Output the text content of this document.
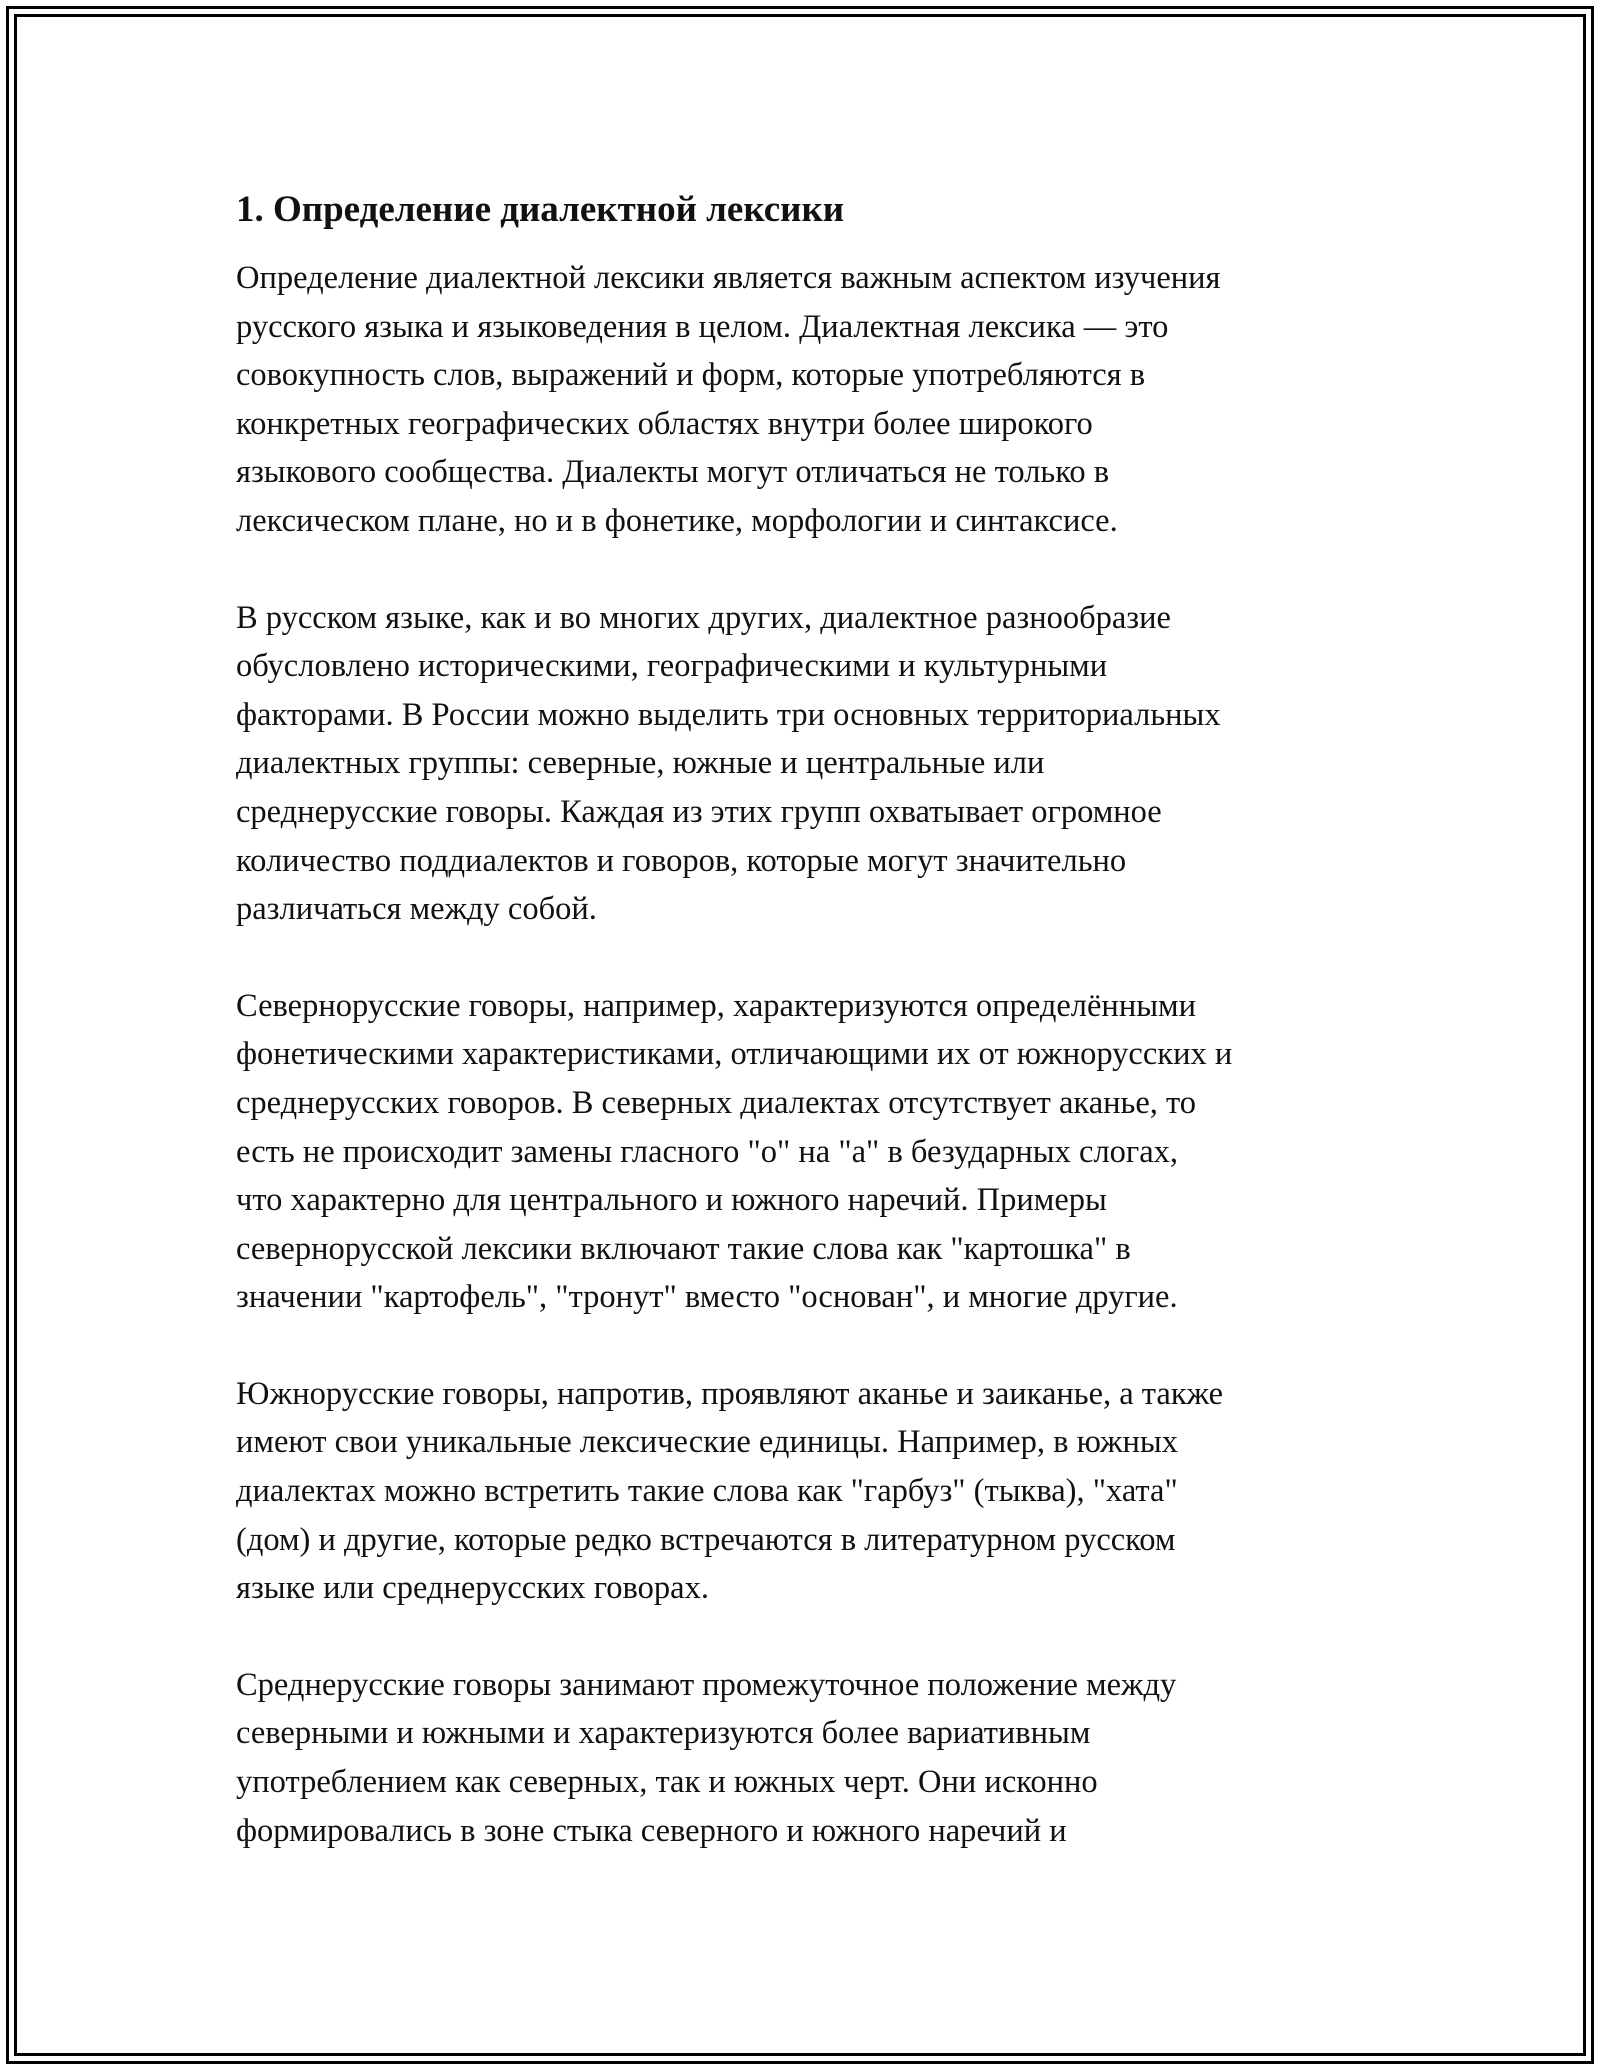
1. Определение диалектной лексики
Определение диалектной лексики является важным аспектом изучения
русского языка и языковедения в целом. Диалектная лексика — это
совокупность слов, выражений и форм, которые употребляются в
конкретных географических областях внутри более широкого
языкового сообщества. Диалекты могут отличаться не только в
лексическом плане, но и в фонетике, морфологии и синтаксисе.
В русском языке, как и во многих других, диалектное разнообразие
обусловлено историческими, географическими и культурными
факторами. В России можно выделить три основных территориальных
диалектных группы: северные, южные и центральные или
среднерусские говоры. Каждая из этих групп охватывает огромное
количество поддиалектов и говоров, которые могут значительно
различаться между собой.
Севернорусские говоры, например, характеризуются определёнными
фонетическими характеристиками, отличающими их от южнорусских и
среднерусских говоров. В северных диалектах отсутствует аканье, то
есть не происходит замены гласного "о" на "а" в безударных слогах,
что характерно для центрального и южного наречий. Примеры
севернорусской лексики включают такие слова как "картошка" в
значении "картофель", "тронут" вместо "основан", и многие другие.
Южнорусские говоры, напротив, проявляют аканье и заиканье, а также
имеют свои уникальные лексические единицы. Например, в южных
диалектах можно встретить такие слова как "гарбуз" (тыква), "хата"
(дом) и другие, которые редко встречаются в литературном русском
языке или среднерусских говорах.
Среднерусские говоры занимают промежуточное положение между
северными и южными и характеризуются более вариативным
употреблением как северных, так и южных черт. Они исконно
формировались в зоне стыка северного и южного наречий и
